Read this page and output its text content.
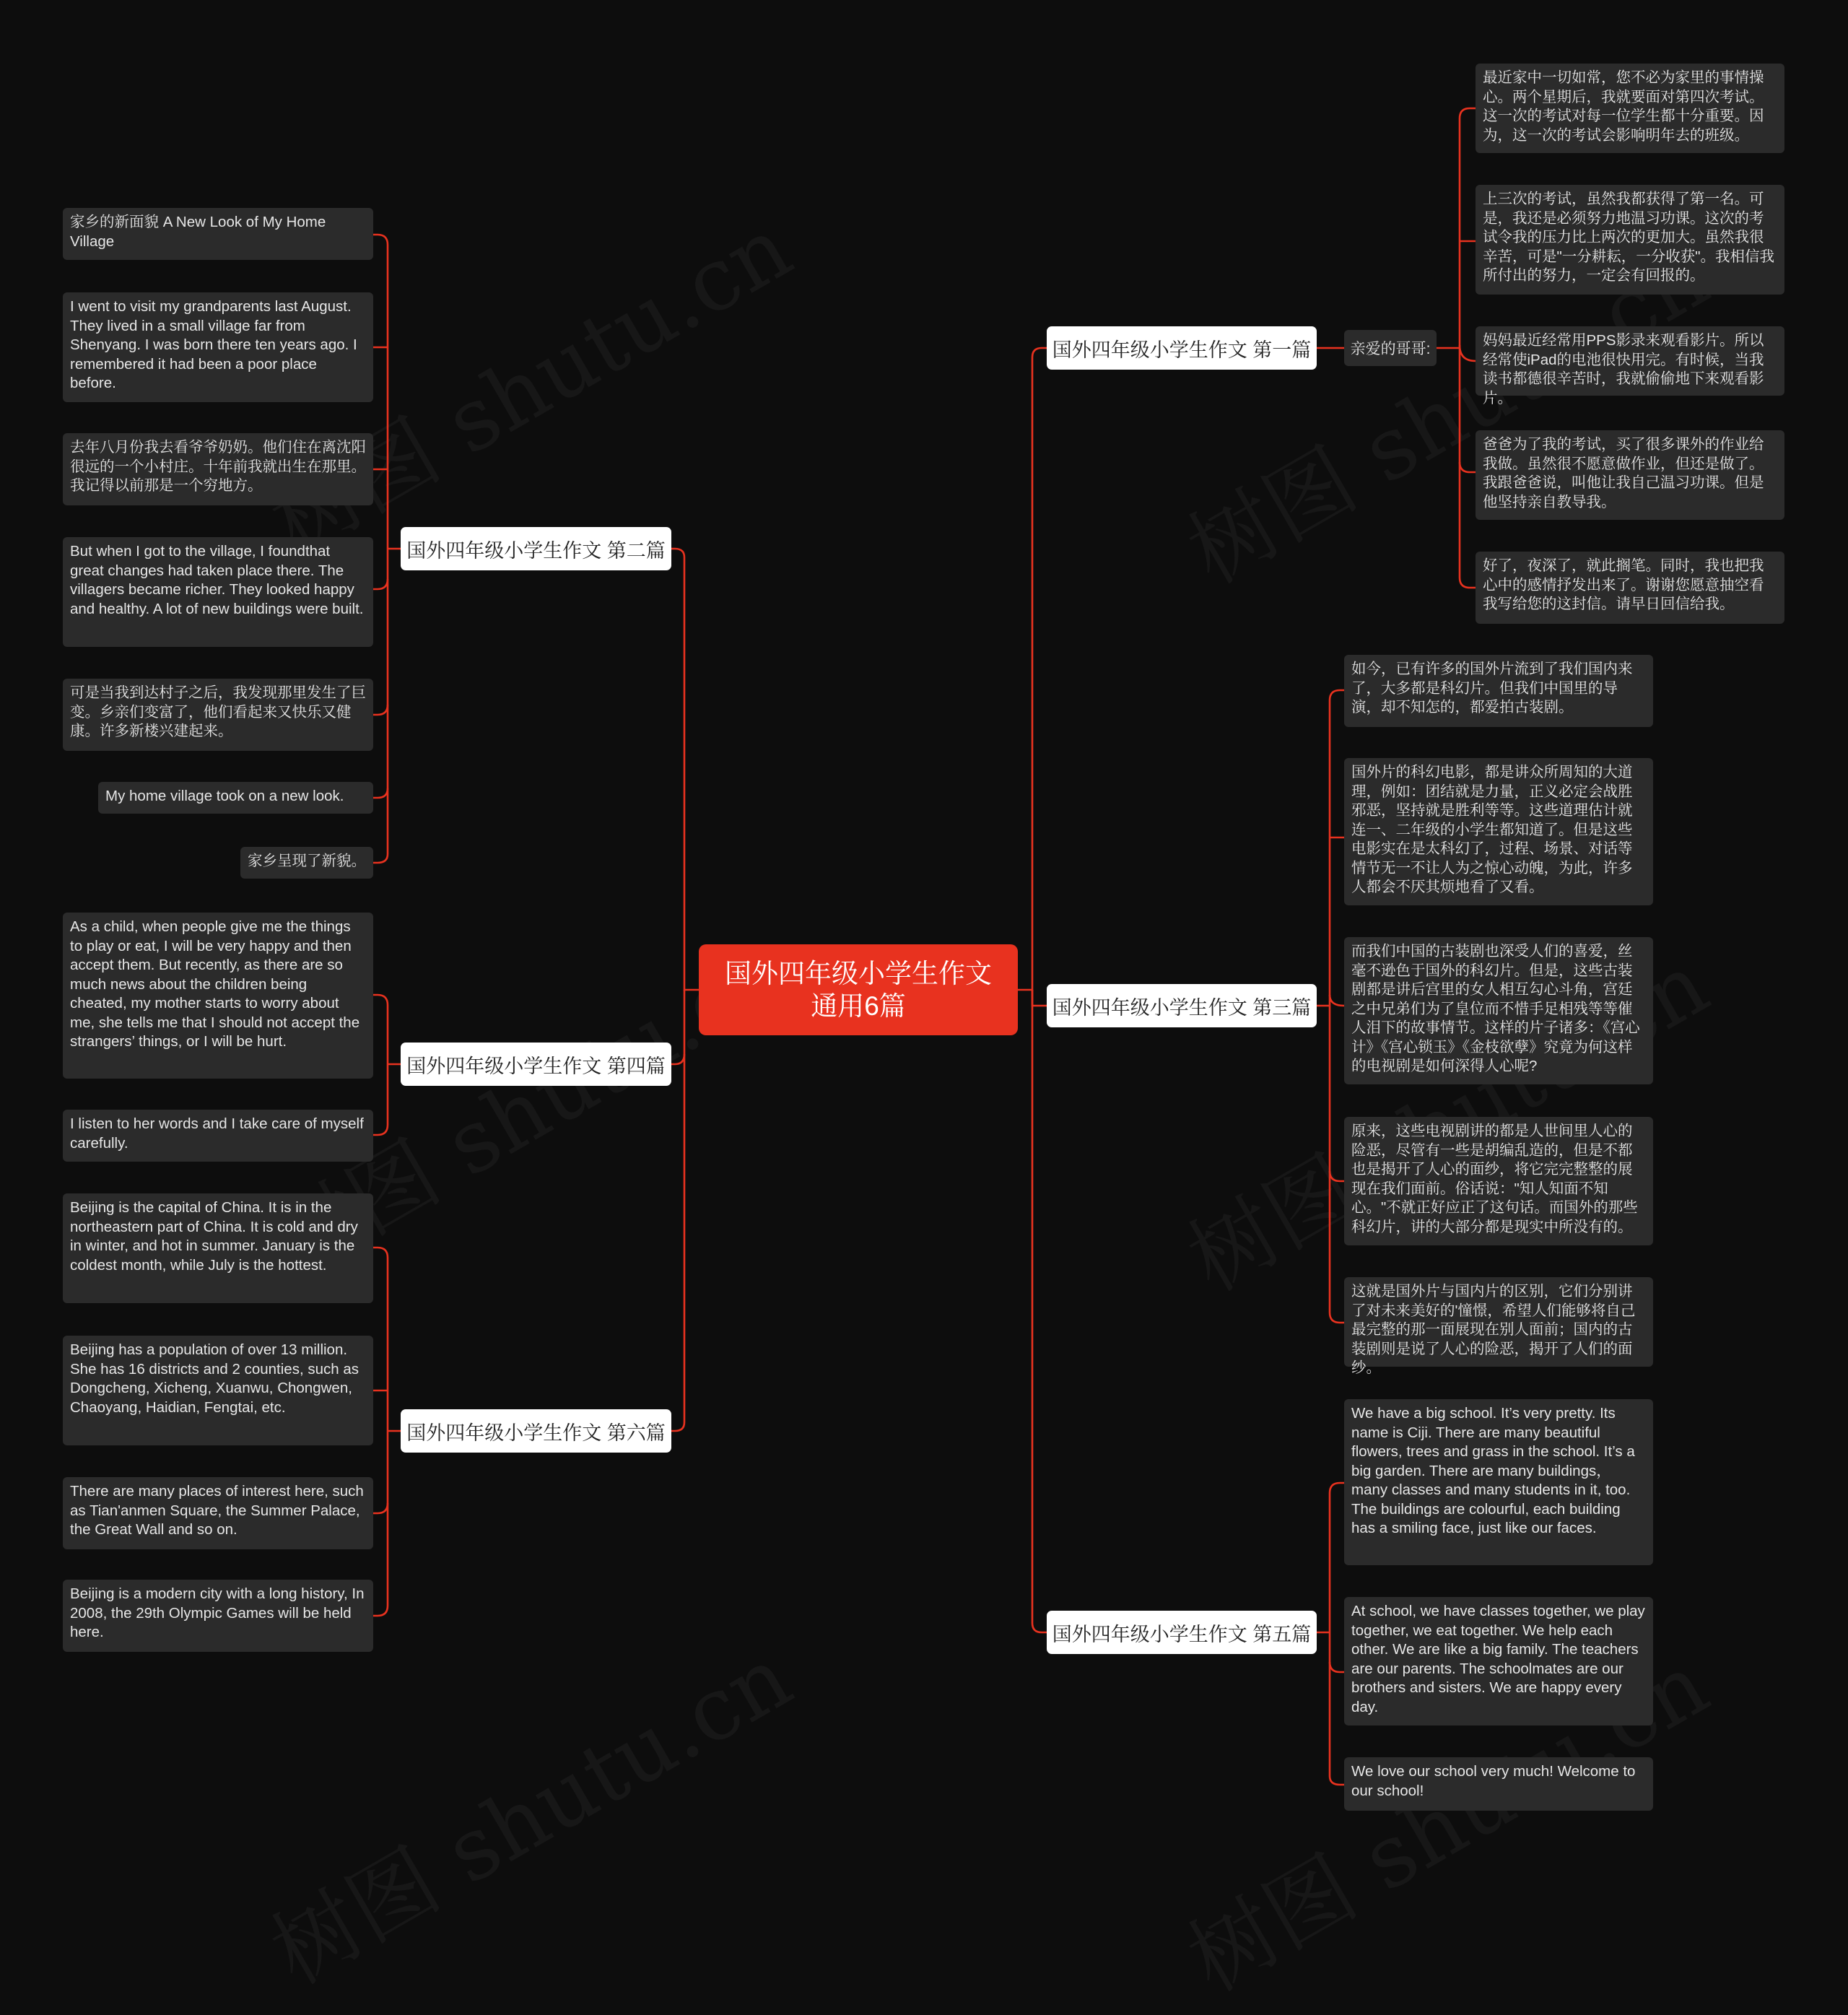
国外四年级小学生作文通用6篇
国外四年级小学生作文 第一篇
国外四年级小学生作文 第三篇
国外四年级小学生作文 第五篇
国外四年级小学生作文 第二篇
国外四年级小学生作文 第四篇
国外四年级小学生作文 第六篇
亲爱的哥哥:
最近家中一切如常，您不必为家里的事情操心。两个星期后，我就要面对第四次考试。这一次的考试对每一位学生都十分重要。因为，这一次的考试会影响明年去的班级。
上三次的考试，虽然我都获得了第一名。可是，我还是必须努力地温习功课。这次的考试令我的压力比上两次的更加大。虽然我很辛苦，可是"一分耕耘，一分收获"。我相信我所付出的努力，一定会有回报的。
妈妈最近经常用PPS影录来观看影片。所以经常使iPad的电池很快用完。有时候，当我读书都德很辛苦时，我就偷偷地下来观看影片。
爸爸为了我的考试，买了很多课外的作业给我做。虽然很不愿意做作业，但还是做了。我跟爸爸说，叫他让我自己温习功课。但是他坚持亲自教导我。
好了，夜深了，就此搁笔。同时，我也把我心中的感情抒发出来了。谢谢您愿意抽空看我写给您的这封信。请早日回信给我。
如今，已有许多的国外片流到了我们国内来了，大多都是科幻片。但我们中国里的导演，却不知怎的，都爱拍古装剧。
国外片的科幻电影，都是讲众所周知的大道理，例如：团结就是力量，正义必定会战胜邪恶，坚持就是胜利等等。这些道理估计就连一、二年级的小学生都知道了。但是这些电影实在是太科幻了，过程、场景、对话等情节无一不让人为之惊心动魄，为此，许多人都会不厌其烦地看了又看。
而我们中国的古装剧也深受人们的喜爱，丝毫不逊色于国外的科幻片。但是，这些古装剧都是讲后宫里的女人相互勾心斗角，宫廷之中兄弟们为了皇位而不惜手足相残等等催人泪下的故事情节。这样的片子诸多：《宫心计》《宫心锁玉》《金枝欲孽》究竟为何这样的电视剧是如何深得人心呢?
原来，这些电视剧讲的都是人世间里人心的险恶，尽管有一些是胡编乱造的，但是不都也是揭开了人心的面纱，将它完完整整的展现在我们面前。俗话说："知人知面不知心。"不就正好应正了这句话。而国外的那些科幻片，讲的大部分都是现实中所没有的。
这就是国外片与国内片的区别，它们分别讲了对未来美好的'憧憬，希望人们能够将自己最完整的那一面展现在别人面前；国内的古装剧则是说了人心的险恶，揭开了人们的面纱。
We have a big school. It’s very pretty. Its name is Ciji. There are many beautiful flowers, trees and grass in the school. It’s a big garden. There are many buildings，many classes and many students in it, too. The buildings are colourful, each building has a smiling face, just like our faces.
At school, we have classes together, we play together, we eat together. We help each other. We are like a big family. The teachers are our parents. The schoolmates are our brothers and sisters. We are happy every day.
We love our school very much! Welcome to our school!
家乡的新面貌 A New Look of My Home Village
I went to visit my grandparents last August. They lived in a small village far from Shenyang. I was born there ten years ago. I remembered it had been a poor place before.
去年八月份我去看爷爷奶奶。他们住在离沈阳很远的一个小村庄。十年前我就出生在那里。我记得以前那是一个穷地方。
But when I got to the village, I foundthat great changes had taken place there. The villagers became richer. They looked happy and healthy. A lot of new buildings were built.
可是当我到达村子之后，我发现那里发生了巨变。乡亲们变富了，他们看起来又快乐又健康。许多新楼兴建起来。
My home village took on a new look.
家乡呈现了新貌。
As a child, when people give me the things to play or eat, I will be very happy and then accept them. But recently, as there are so much news about the children being cheated, my mother starts to worry about me, she tells me that I should not accept the strangers’ things, or I will be hurt.
I listen to her words and I take care of myself carefully.
Beijing is the capital of China. It is in the northeastern part of China. It is cold and dry in winter, and hot in summer. January is the coldest month, while July is the hottest.
Beijing has a population of over 13 million. She has 16 districts and 2 counties, such as Dongcheng, Xicheng, Xuanwu, Chongwen, Chaoyang, Haidian, Fengtai, etc.
There are many places of interest here, such as Tian'anmen Square, the Summer Palace, the Great Wall and so on.
Beijing is a modern city with a long history, In 2008, the 29th Olympic Games will be held here.
